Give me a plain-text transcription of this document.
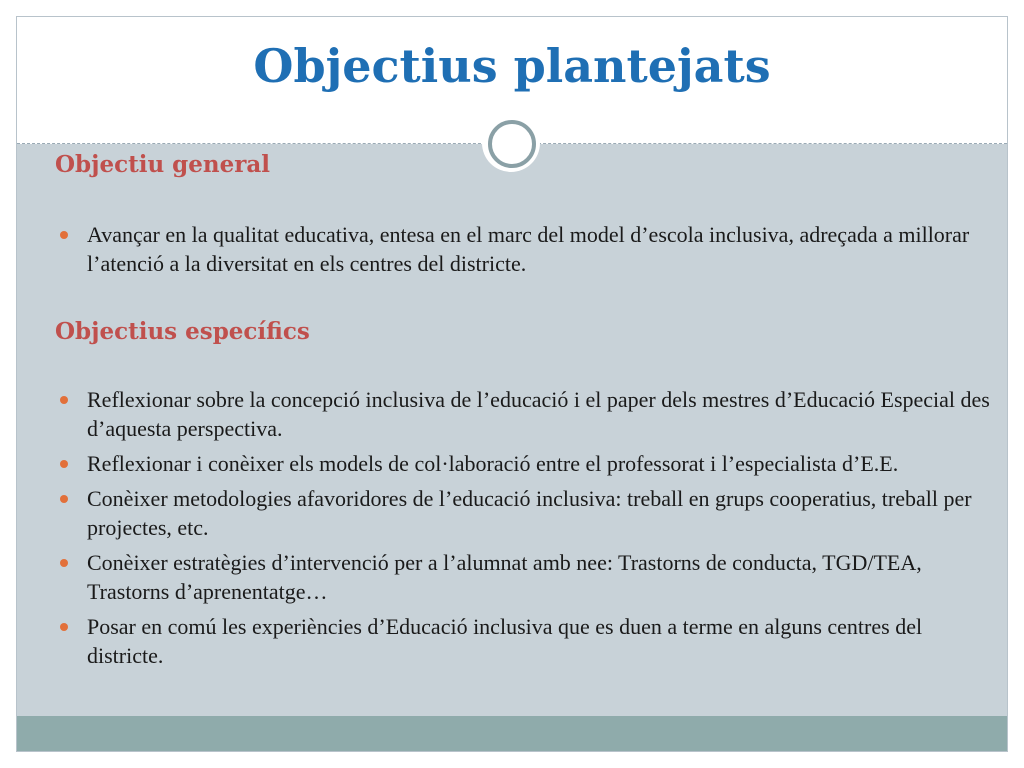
Objectius plantejats
Objectiu general
Avançar en la qualitat educativa, entesa en el marc del model d’escola inclusiva, adreçada a millorar l’atenció a la diversitat en els centres del districte.
Objectius específics
Reflexionar sobre la concepció inclusiva de l’educació i el paper dels mestres d’Educació Especial des d’aquesta perspectiva.
Reflexionar i conèixer els models de col·laboració entre el professorat i l’especialista d’E.E.
Conèixer metodologies afavoridores de l’educació inclusiva: treball en grups cooperatius, treball per projectes, etc.
Conèixer estratègies d’intervenció per a l’alumnat amb nee: Trastorns de conducta, TGD/TEA, Trastorns d’aprenentatge…
Posar en comú les experiències d’Educació inclusiva que es duen a terme en alguns centres del districte.
